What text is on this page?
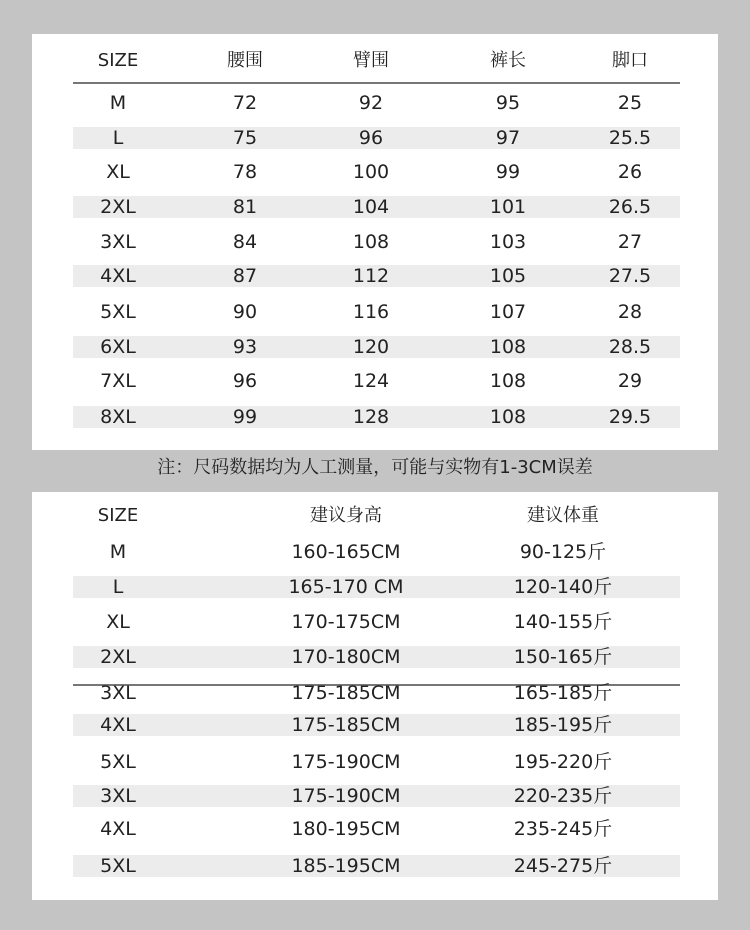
SIZE	腰围	臂围	裤长	脚口
M	72	92	95	25
L	75	96	97	25.5
XL	78	100	99	26
2XL	81	104	101	26.5
3XL	84	108	103	27
4XL	87	112	105	27.5
5XL	90	116	107	28
6XL	93	120	108	28.5
7XL	96	124	108	29
8XL	99	128	108	29.5
注：尺码数据均为人工测量，可能与实物有1-3CM误差
SIZE	建议身高	建议体重
M	160-165CM	90-125斤
L	165-170 CM	120-140斤
XL	170-175CM	140-155斤
2XL	170-180CM	150-165斤
3XL	175-185CM	165-185斤
4XL	175-185CM	185-195斤
5XL	175-190CM	195-220斤
3XL	175-190CM	220-235斤
4XL	180-195CM	235-245斤
5XL	185-195CM	245-275斤
